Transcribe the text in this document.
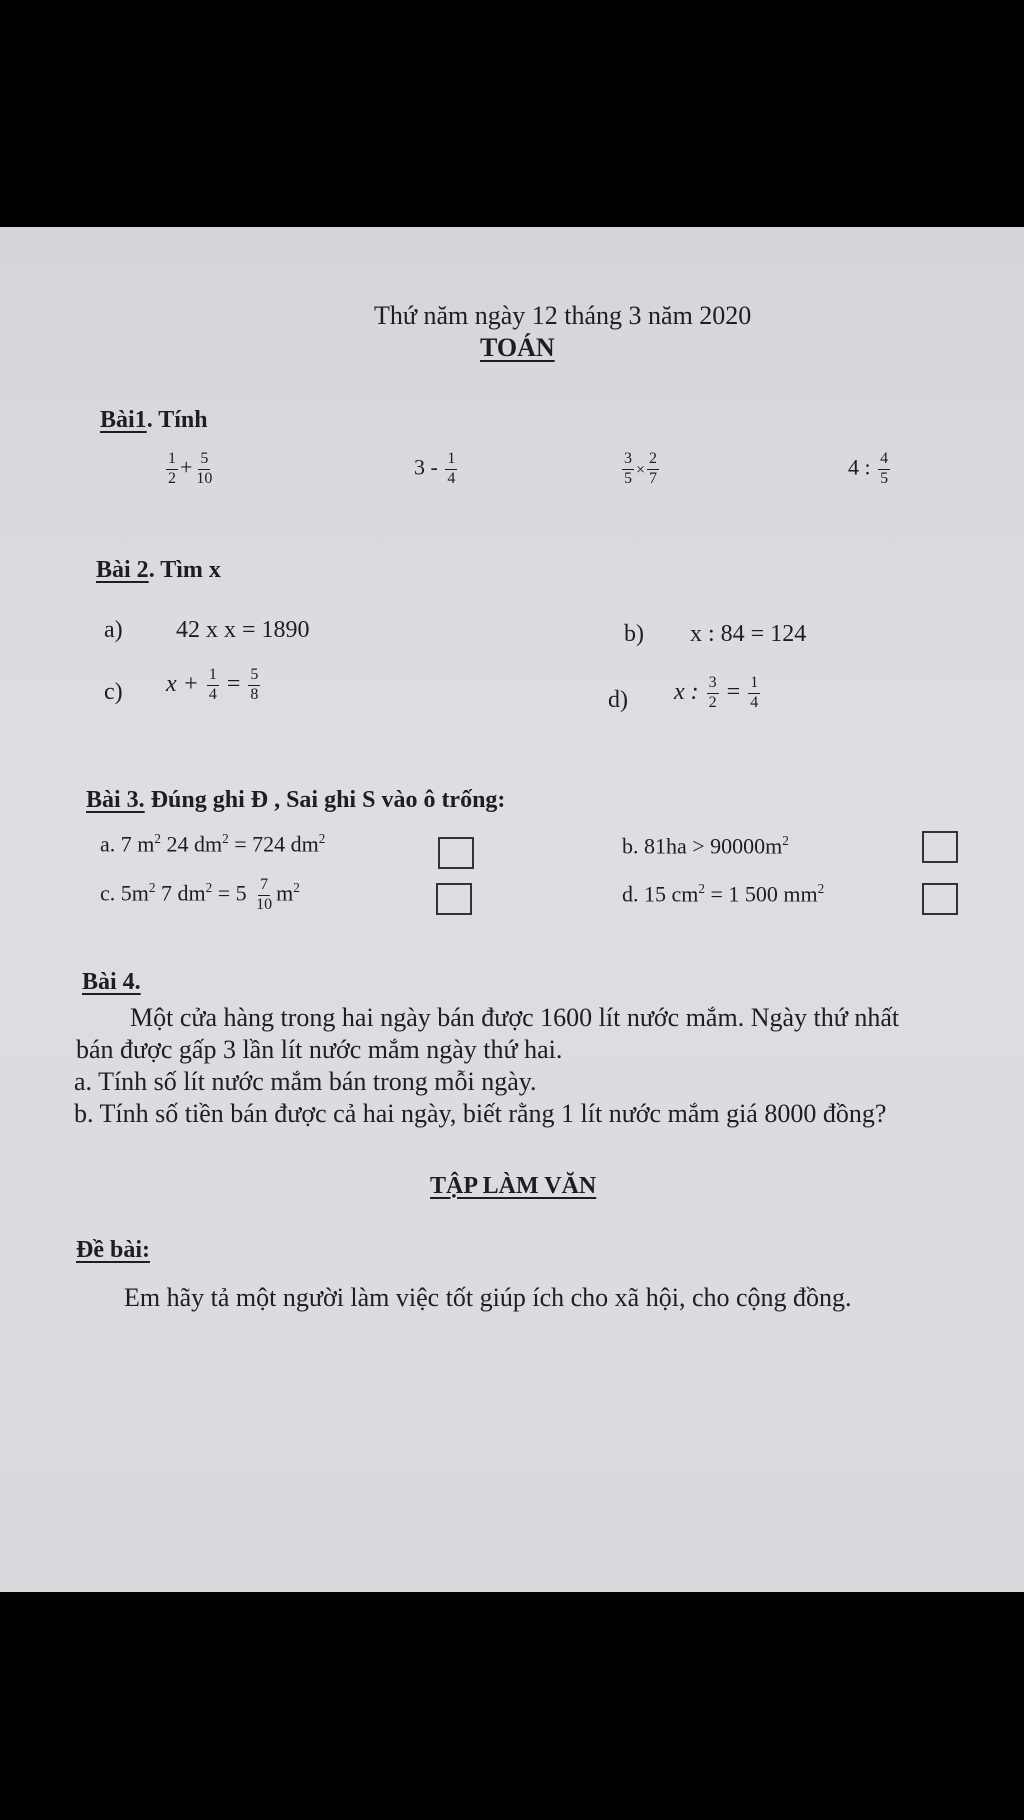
Thứ năm ngày 12 tháng 3 năm 2020
TOÁN
Bài1. Tính
$\frac{1}{2} + \frac{5}{10}$	$3 - \frac{1}{4}$	$\frac{3}{5} \times \frac{2}{7}$	4 : $\frac{4}{5}$
Bài 2. Tìm x
a) 42 x x = 1890	b) x : 84 = 124
c) $x + \frac{1}{4} = \frac{5}{8}$	d) x : $\frac{3}{2} = \frac{1}{4}$
Bài 3. Đúng ghi Đ , Sai ghi S vào ô trống:
a. 7 $m^2$ 24 $dm^2 = 724$ $dm^2$	b. $81ha > 90000m^2$
c. $5m^2$ 7 $dm^2 = 5 \frac{7}{10} m^2$	d. 15 $cm^2 = 1$ 500 $mm^2$
Bài 4.
Một cửa hàng trong hai ngày bán được 1600 lít nước mắm. Ngày thứ nhất
bán được gấp 3 lần lít nước mắm ngày thứ hai.
a. Tính số lít nước mắm bán trong mỗi ngày.
b. Tính số tiền bán được cả hai ngày, biết rằng 1 lít nước mắm giá 8000 đồng?
TẬP LÀM VĂN
Đề bài:
Em hãy tả một người làm việc tốt giúp ích cho xã hội, cho cộng đồng.
